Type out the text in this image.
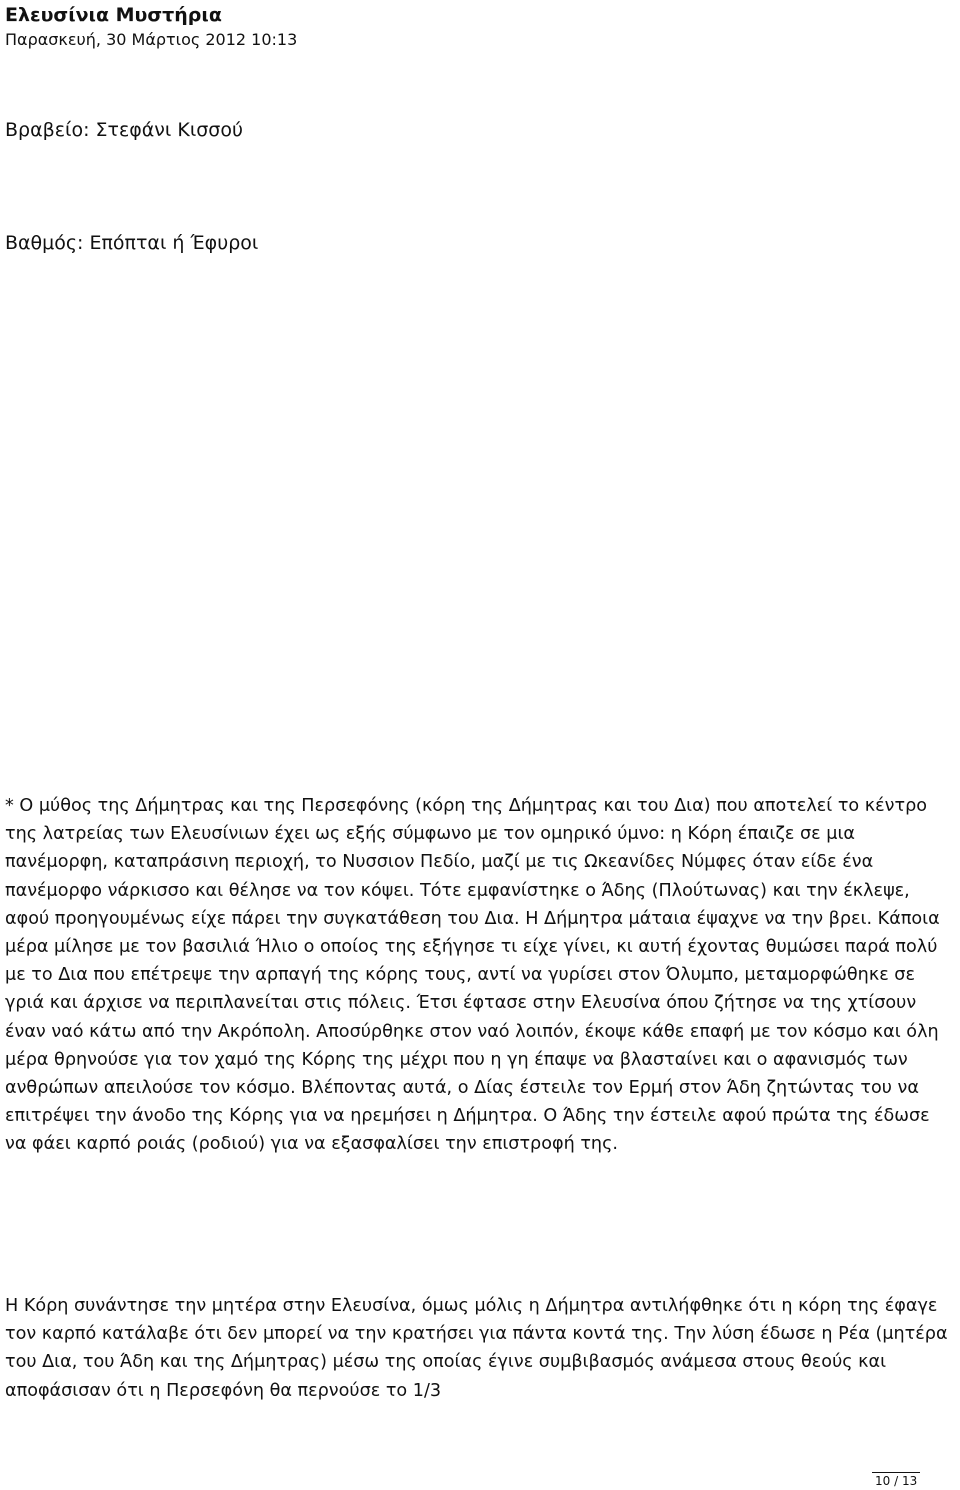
Ελευσίνια Μυστήρια

Παρασκευή, 30 Μάρτιος 2012 10:13

Βραβείο: Στεφάνι Κισσού

Βαθμός: Επόπται ή Έφυροι

* Ο μύθος της Δήμητρας και της Περσεφόνης (κόρη της Δήμητρας και του Δια) που αποτελεί το κέντρο της λατρείας των Ελευσίνιων έχει ως εξής σύμφωνο με τον ομηρικό ύμνο: η Κόρη έπαιζε σε μια πανέμορφη, καταπράσινη περιοχή, το Νυσσιον Πεδίο, μαζί με τις Ωκεανίδες Νύμφες όταν είδε ένα πανέμορφο νάρκισσο και θέλησε να τον κόψει. Τότε εμφανίστηκε ο Άδης (Πλούτωνας) και την έκλεψε, αφού προηγουμένως είχε πάρει την συγκατάθεση του Δια. Η Δήμητρα μάταια έψαχνε να την βρει. Κάποια μέρα μίλησε με τον βασιλιά Ήλιο ο οποίος της εξήγησε τι είχε γίνει, κι αυτή έχοντας θυμώσει παρά πολύ με το Δια που επέτρεψε την αρπαγή της κόρης τους, αντί να γυρίσει στον Όλυμπο, μεταμορφώθηκε σε γριά και άρχισε να περιπλανείται στις πόλεις. Έτσι έφτασε στην Ελευσίνα όπου ζήτησε να της χτίσουν έναν ναό κάτω από την Ακρόπολη. Αποσύρθηκε στον ναό λοιπόν, έκοψε κάθε επαφή με τον κόσμο και όλη μέρα θρηνούσε για τον χαμό της Κόρης της μέχρι που η γη έπαψε να βλασταίνει και ο αφανισμός των ανθρώπων απειλούσε τον κόσμο. Βλέποντας αυτά, ο Δίας έστειλε τον Ερμή στον Άδη ζητώντας του να επιτρέψει την άνοδο της Κόρης για να ηρεμήσει η Δήμητρα. Ο Άδης την έστειλε αφού πρώτα της έδωσε να φάει καρπό ροιάς (ροδιού) για να εξασφαλίσει την επιστροφή της.

Η Κόρη συνάντησε την μητέρα στην Ελευσίνα, όμως μόλις η Δήμητρα αντιλήφθηκε ότι η κόρη της έφαγε τον καρπό κατάλαβε ότι δεν μπορεί να την κρατήσει για πάντα κοντά της. Την λύση έδωσε η Ρέα (μητέρα του Δια, του Άδη και της Δήμητρας) μέσω της οποίας έγινε συμβιβασμός ανάμεσα στους θεούς και αποφάσισαν ότι η Περσεφόνη θα περνούσε το 1/3

10 / 13
